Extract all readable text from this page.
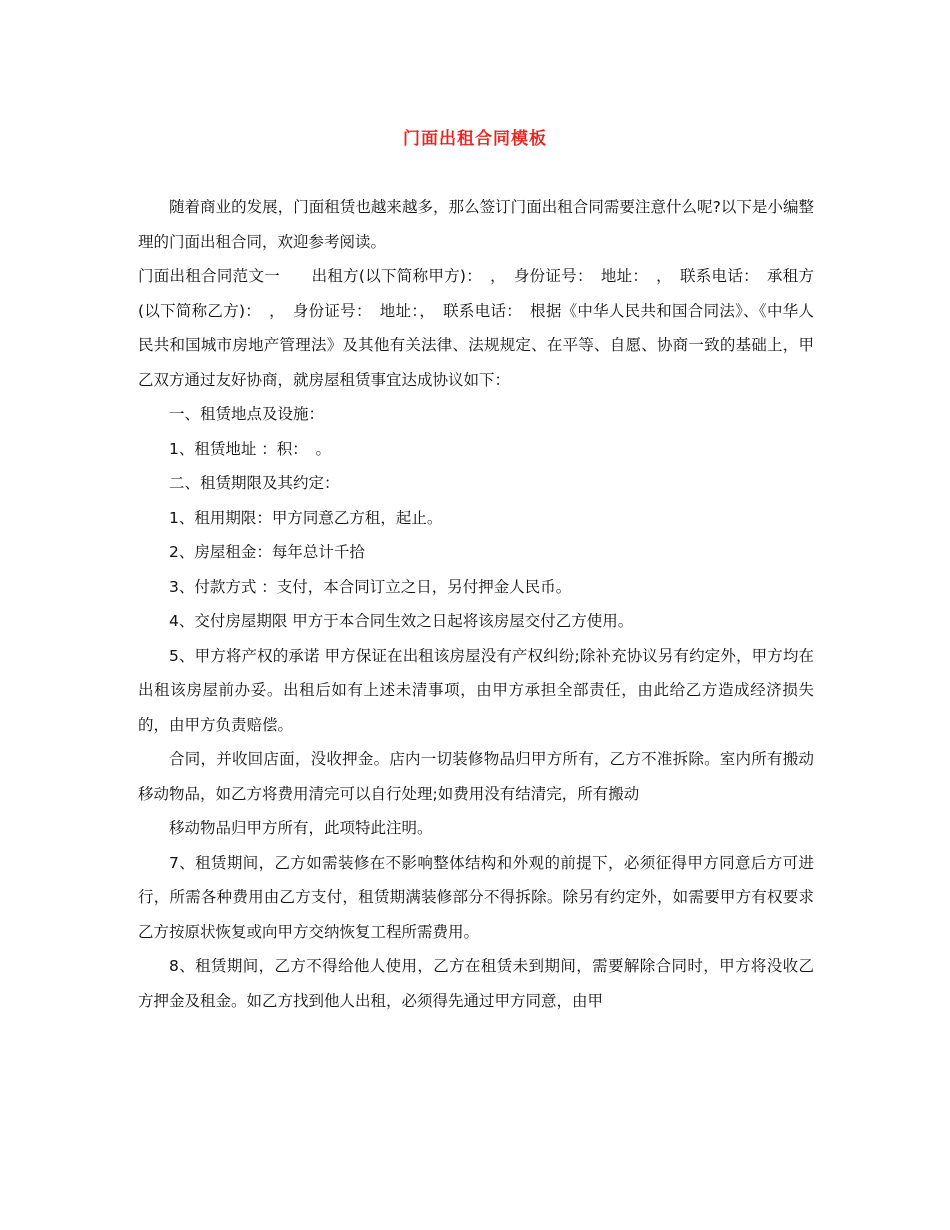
门面出租合同模板

随着商业的发展，门面租赁也越来越多，那么签订门面出租合同需要注意什么呢?以下是小编整理的门面出租合同，欢迎参考阅读。

门面出租合同范文一　　出租方(以下简称甲方)：　，　身份证号：　地址：　，　联系电话：　承租方(以下简称乙方)：　，　身份证号：　地址：，　联系电话：　根据《中华人民共和国合同法》、《中华人民共和国城市房地产管理法》及其他有关法律、法规规定、在平等、自愿、协商一致的基础上，甲乙双方通过友好协商，就房屋租赁事宜达成协议如下：

一、租赁地点及设施：

1、租赁地址 ：积：　。

二、租赁期限及其约定：

1、租用期限：甲方同意乙方租，起止。

2、房屋租金：每年总计千拾

3、付款方式 ：支付，本合同订立之日，另付押金人民币。

4、交付房屋期限 甲方于本合同生效之日起将该房屋交付乙方使用。

5、甲方将产权的承诺 甲方保证在出租该房屋没有产权纠纷;除补充协议另有约定外，甲方均在出租该房屋前办妥。出租后如有上述未清事项，由甲方承担全部责任，由此给乙方造成经济损失的，由甲方负责赔偿。

合同，并收回店面，没收押金。店内一切装修物品归甲方所有，乙方不准拆除。室内所有搬动移动物品，如乙方将费用清完可以自行处理;如费用没有结清完，所有搬动

移动物品归甲方所有，此项特此注明。

7、租赁期间，乙方如需装修在不影响整体结构和外观的前提下，必须征得甲方同意后方可进行，所需各种费用由乙方支付，租赁期满装修部分不得拆除。除另有约定外，如需要甲方有权要求乙方按原状恢复或向甲方交纳恢复工程所需费用。

8、租赁期间，乙方不得给他人使用，乙方在租赁未到期间，需要解除合同时，甲方将没收乙方押金及租金。如乙方找到他人出租，必须得先通过甲方同意，由甲
